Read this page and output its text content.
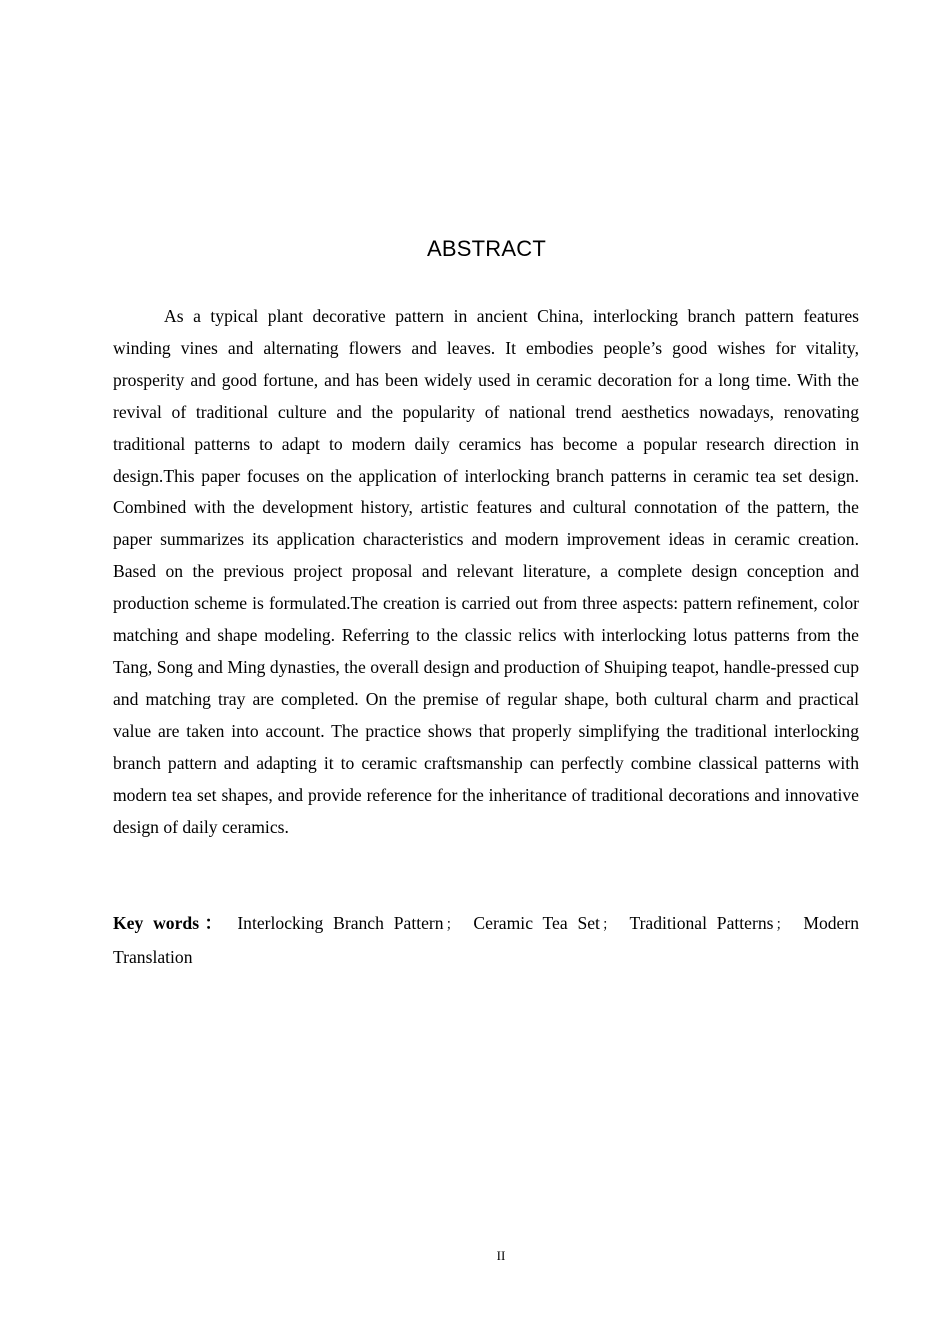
ABSTRACT

As a typical plant decorative pattern in ancient China, interlocking branch pattern features winding vines and alternating flowers and leaves. It embodies people’s good wishes for vitality, prosperity and good fortune, and has been widely used in ceramic decoration for a long time. With the revival of traditional culture and the popularity of national trend aesthetics nowadays, renovating traditional patterns to adapt to modern daily ceramics has become a popular research direction in design.This paper focuses on the application of interlocking branch patterns in ceramic tea set design. Combined with the development history, artistic features and cultural connotation of the pattern, the paper summarizes its application characteristics and modern improvement ideas in ceramic creation. Based on the previous project proposal and relevant literature, a complete design conception and production scheme is formulated.The creation is carried out from three aspects: pattern refinement, color matching and shape modeling. Referring to the classic relics with interlocking lotus patterns from the Tang, Song and Ming dynasties, the overall design and production of Shuiping teapot, handle-pressed cup and matching tray are completed. On the premise of regular shape, both cultural charm and practical value are taken into account. The practice shows that properly simplifying the traditional interlocking branch pattern and adapting it to ceramic craftsmanship can perfectly combine classical patterns with modern tea set shapes, and provide reference for the inheritance of traditional decorations and innovative design of daily ceramics.

Key words： Interlocking Branch Pattern ； Ceramic Tea Set ； Traditional Patterns ； Modern Translation

II
